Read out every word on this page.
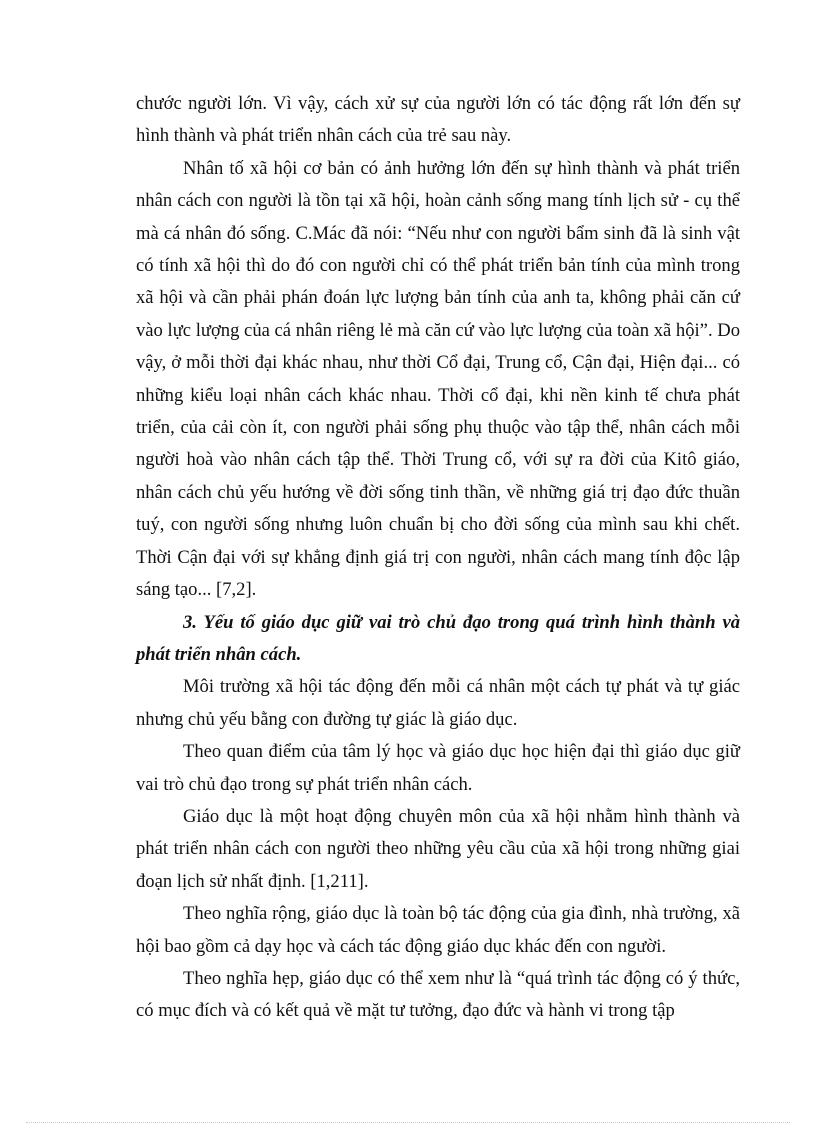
chước người lớn. Vì vậy, cách xử sự của người lớn có tác động rất lớn đến sự hình thành và phát triển nhân cách của trẻ sau này.

Nhân tố xã hội cơ bản có ảnh hưởng lớn đến sự hình thành và phát triển nhân cách con người là tồn tại xã hội, hoàn cảnh sống mang tính lịch sử - cụ thể mà cá nhân đó sống. C.Mác đã nói: “Nếu như con người bẩm sinh đã là sinh vật có tính xã hội thì do đó con người chỉ có thể phát triển bản tính của mình trong xã hội và cần phải phán đoán lực lượng bản tính của anh ta, không phải căn cứ vào lực lượng của cá nhân riêng lẻ mà căn cứ vào lực lượng của toàn xã hội”. Do vậy, ở mỗi thời đại khác nhau, như thời Cổ đại, Trung cổ, Cận đại, Hiện đại... có những kiểu loại nhân cách khác nhau. Thời cổ đại, khi nền kinh tế chưa phát triển, của cải còn ít, con người phải sống phụ thuộc vào tập thể, nhân cách mỗi người hoà vào nhân cách tập thể. Thời Trung cổ, với sự ra đời của Kitô giáo, nhân cách chủ yếu hướng về đời sống tinh thần, về những giá trị đạo đức thuần tuý, con người sống nhưng luôn chuẩn bị cho đời sống của mình sau khi chết. Thời Cận đại với sự khẳng định giá trị con người, nhân cách mang tính độc lập sáng tạo... [7,2].

3. Yếu tố giáo dục giữ vai trò chủ đạo trong quá trình hình thành và phát triển nhân cách.

Môi trường xã hội tác động đến mỗi cá nhân một cách tự phát và tự giác nhưng chủ yếu bằng con đường tự giác là giáo dục.

Theo quan điểm của tâm lý học và giáo dục học hiện đại thì giáo dục giữ vai trò chủ đạo trong sự phát triển nhân cách.

Giáo dục là một hoạt động chuyên môn của xã hội nhằm hình thành và phát triển nhân cách con người theo những yêu cầu của xã hội trong những giai đoạn lịch sử nhất định. [1,211].

Theo nghĩa rộng, giáo dục là toàn bộ tác động của gia đình, nhà trường, xã hội bao gồm cả dạy học và cách tác động giáo dục khác đến con người.

Theo nghĩa hẹp, giáo dục có thể xem như là “quá trình tác động có ý thức, có mục đích và có kết quả về mặt tư tưởng, đạo đức và hành vi trong tập
